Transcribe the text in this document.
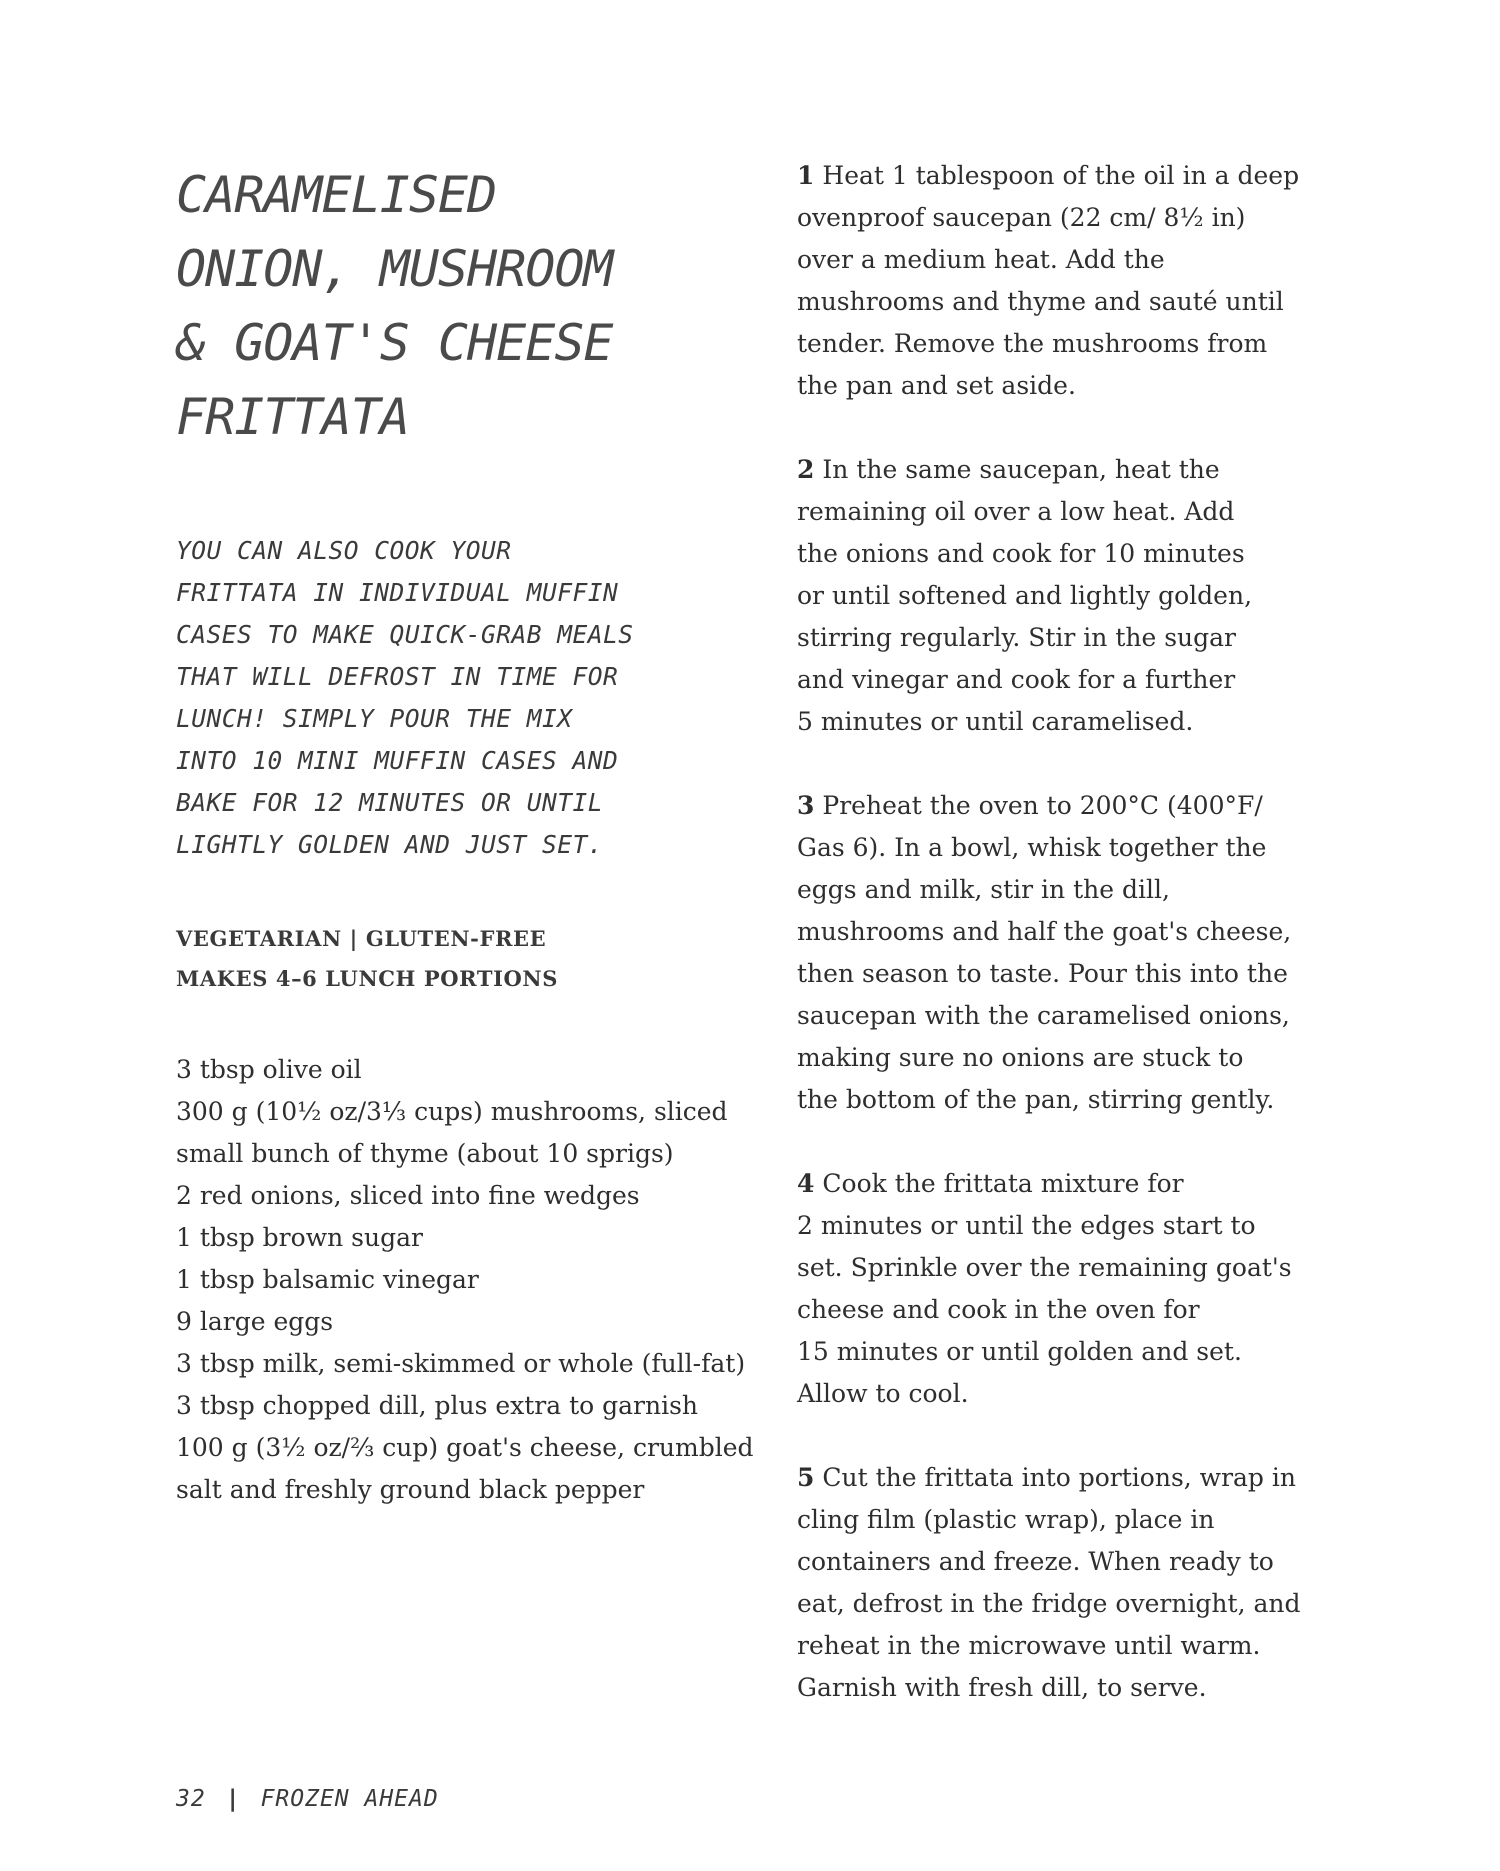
CARAMELISED
ONION, MUSHROOM
& GOAT'S CHEESE
FRITTATA
YOU CAN ALSO COOK YOUR
FRITTATA IN INDIVIDUAL MUFFIN
CASES TO MAKE QUICK-GRAB MEALS
THAT WILL DEFROST IN TIME FOR
LUNCH! SIMPLY POUR THE MIX
INTO 10 MINI MUFFIN CASES AND
BAKE FOR 12 MINUTES OR UNTIL
LIGHTLY GOLDEN AND JUST SET.
VEGETARIAN | GLUTEN-FREE
MAKES 4–6 LUNCH PORTIONS
3 tbsp olive oil
300 g (10½ oz/3⅓ cups) mushrooms, sliced
small bunch of thyme (about 10 sprigs)
2 red onions, sliced into fine wedges
1 tbsp brown sugar
1 tbsp balsamic vinegar
9 large eggs
3 tbsp milk, semi-skimmed or whole (full-fat)
3 tbsp chopped dill, plus extra to garnish
100 g (3½ oz/⅔ cup) goat's cheese, crumbled
salt and freshly ground black pepper
1 Heat 1 tablespoon of the oil in a deep
ovenproof saucepan (22 cm/ 8½ in)
over a medium heat. Add the
mushrooms and thyme and sauté until
tender. Remove the mushrooms from
the pan and set aside.
2 In the same saucepan, heat the
remaining oil over a low heat. Add
the onions and cook for 10 minutes
or until softened and lightly golden,
stirring regularly. Stir in the sugar
and vinegar and cook for a further
5 minutes or until caramelised.
3 Preheat the oven to 200°C (400°F/
Gas 6). In a bowl, whisk together the
eggs and milk, stir in the dill,
mushrooms and half the goat's cheese,
then season to taste. Pour this into the
saucepan with the caramelised onions,
making sure no onions are stuck to
the bottom of the pan, stirring gently.
4 Cook the frittata mixture for
2 minutes or until the edges start to
set. Sprinkle over the remaining goat's
cheese and cook in the oven for
15 minutes or until golden and set.
Allow to cool.
5 Cut the frittata into portions, wrap in
cling film (plastic wrap), place in
containers and freeze. When ready to
eat, defrost in the fridge overnight, and
reheat in the microwave until warm.
Garnish with fresh dill, to serve.
32 | FROZEN AHEAD
